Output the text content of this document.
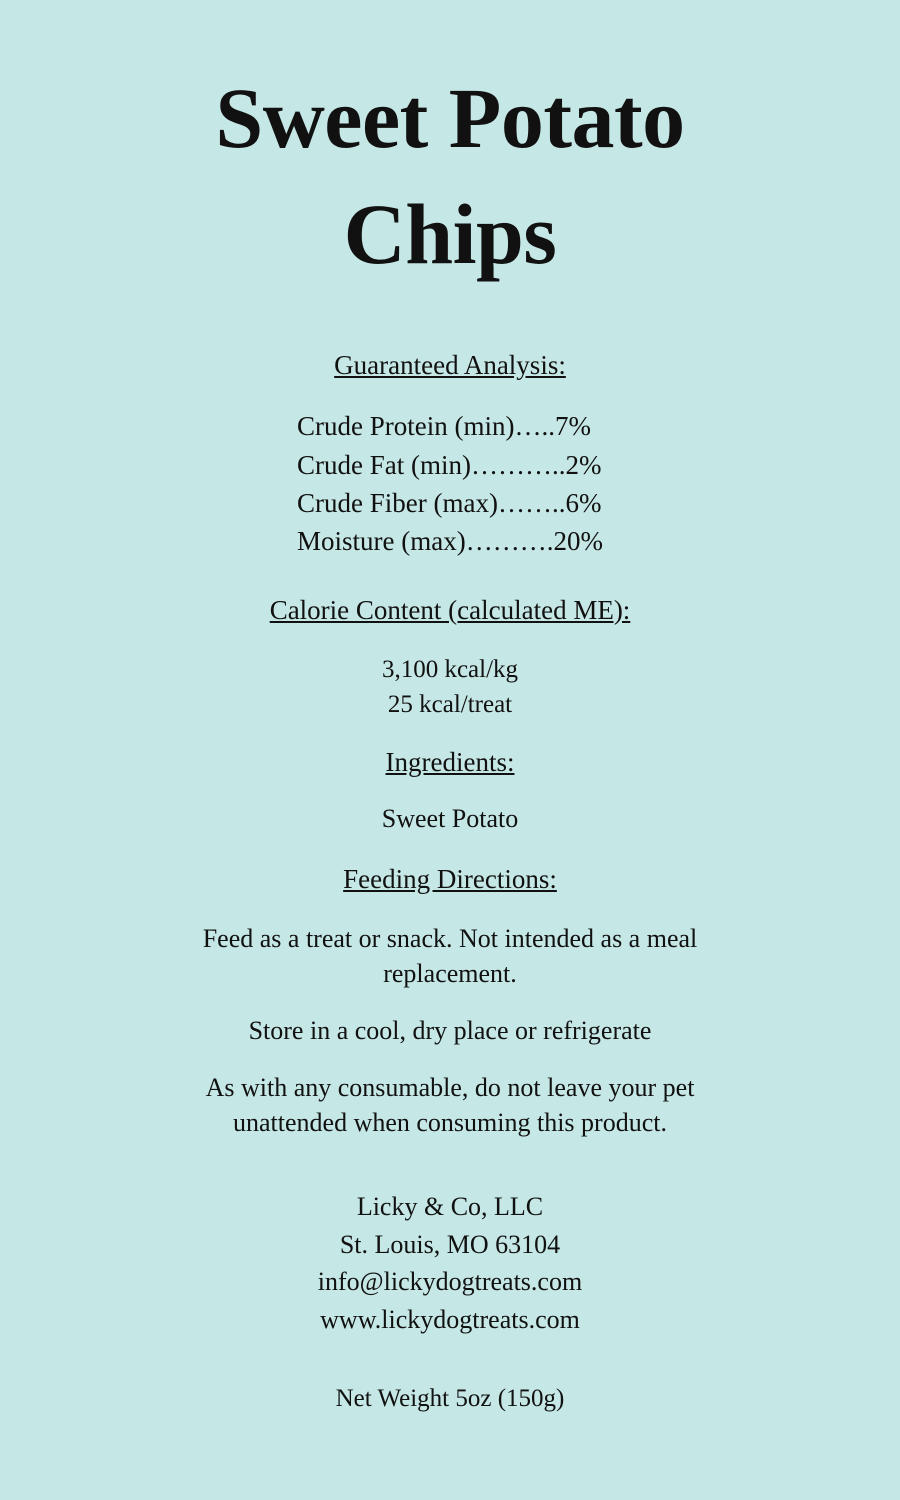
Sweet Potato Chips
Guaranteed Analysis:
Crude Protein (min)…..7%
Crude Fat (min)………..2%
Crude Fiber (max)……..6%
Moisture (max)……….20%
Calorie Content (calculated ME):
3,100 kcal/kg
25 kcal/treat
Ingredients:
Sweet Potato
Feeding Directions:
Feed as a treat or snack. Not intended as a meal replacement.
Store in a cool, dry place or refrigerate
As with any consumable, do not leave your pet unattended when consuming this product.
Licky & Co, LLC
St. Louis, MO 63104
info@lickydogtreats.com
www.lickydogtreats.com
Net Weight 5oz (150g)
